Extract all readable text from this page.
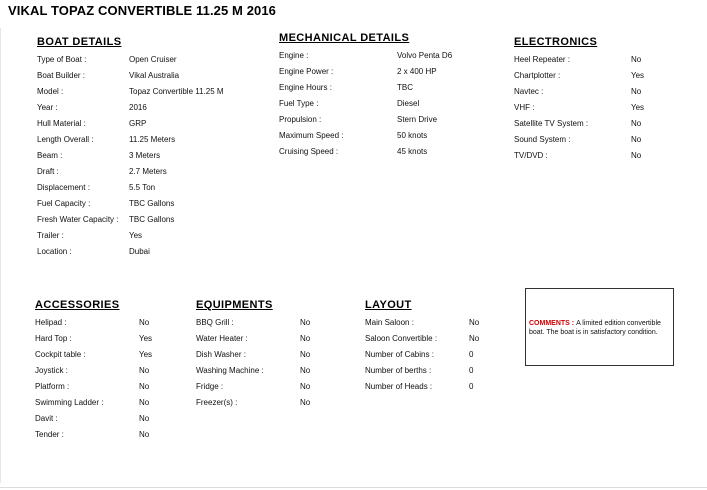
VIKAL TOPAZ CONVERTIBLE 11.25 M 2016
BOAT DETAILS
Type of Boat :	Open Cruiser
Boat Builder :	Vikal Australia
Model :	Topaz Convertible 11.25 M
Year :	2016
Hull Material :	GRP
Length Overall :	11.25 Meters
Beam :	3 Meters
Draft :	2.7 Meters
Displacement :	5.5 Ton
Fuel Capacity :	TBC Gallons
Fresh Water Capacity : TBC Gallons
Trailer :	Yes
Location :	Dubai
MECHANICAL DETAILS
Engine :	Volvo Penta D6
Engine Power :	2 x 400 HP
Engine Hours :	TBC
Fuel Type :	Diesel
Propulsion :	Stern Drive
Maximum Speed :	50 knots
Cruising Speed :	45 knots
ELECTRONICS
Heel Repeater :	No
Chartplotter :	Yes
Navtec :	No
VHF :	Yes
Satellite TV System :	No
Sound System :	No
TV/DVD :	No
ACCESSORIES
Helipad :	No
Hard Top :	Yes
Cockpit table :	Yes
Joystick :	No
Platform :	No
Swimming Ladder :	No
Davit :	No
Tender :	No
EQUIPMENTS
BBQ Grill :	No
Water Heater :	No
Dish Washer :	No
Washing Machine :	No
Fridge :	No
Freezer(s) :	No
LAYOUT
Main Saloon :	No
Saloon Convertible :	No
Number of Cabins :	0
Number of berths :	0
Number of Heads :	0
COMMENTS : A limited edition convertible boat. The boat is in satisfactory condition.
